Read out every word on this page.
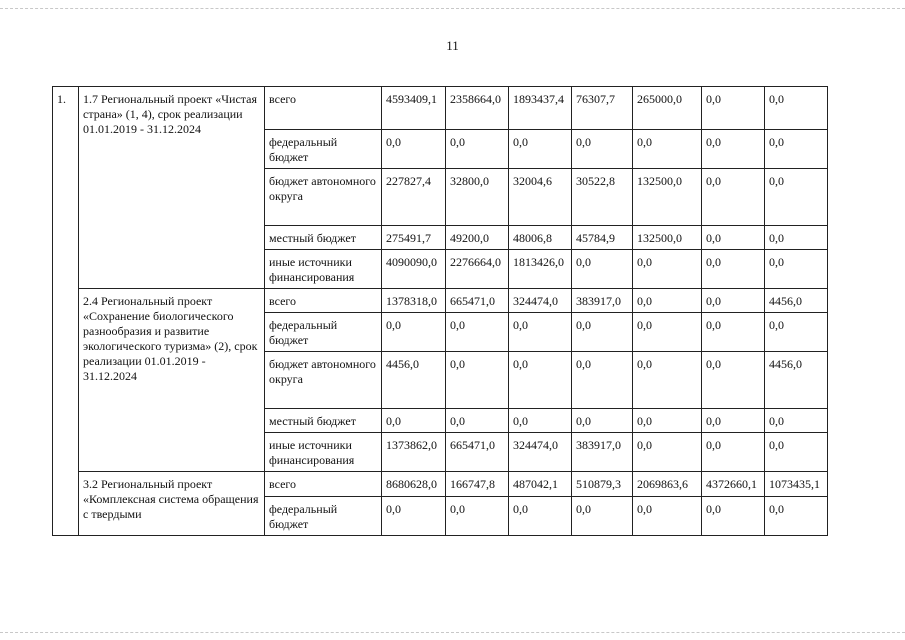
11
1.	1.7 Региональный проект «Чистая страна» (1, 4), срок реализации 01.01.2019 - 31.12.2024	всего	4593409,1	2358664,0	1893437,4	76307,7	265000,0	0,0	0,0
		федеральный бюджет	0,0	0,0	0,0	0,0	0,0	0,0	0,0
		бюджет автономного округа	227827,4	32800,0	32004,6	30522,8	132500,0	0,0	0,0
		местный бюджет	275491,7	49200,0	48006,8	45784,9	132500,0	0,0	0,0
		иные источники финансирования	4090090,0	2276664,0	1813426,0	0,0	0,0	0,0	0,0
	2.4 Региональный проект «Сохранение биологического разнообразия и развитие экологического туризма» (2), срок реализации 01.01.2019 - 31.12.2024	всего	1378318,0	665471,0	324474,0	383917,0	0,0	0,0	4456,0
		федеральный бюджет	0,0	0,0	0,0	0,0	0,0	0,0	0,0
		бюджет автономного округа	4456,0	0,0	0,0	0,0	0,0	0,0	4456,0
		местный бюджет	0,0	0,0	0,0	0,0	0,0	0,0	0,0
		иные источники финансирования	1373862,0	665471,0	324474,0	383917,0	0,0	0,0	0,0
	3.2 Региональный проект «Комплексная система обращения с твердыми	всего	8680628,0	166747,8	487042,1	510879,3	2069863,6	4372660,1	1073435,1
		федеральный бюджет	0,0	0,0	0,0	0,0	0,0	0,0	0,0
